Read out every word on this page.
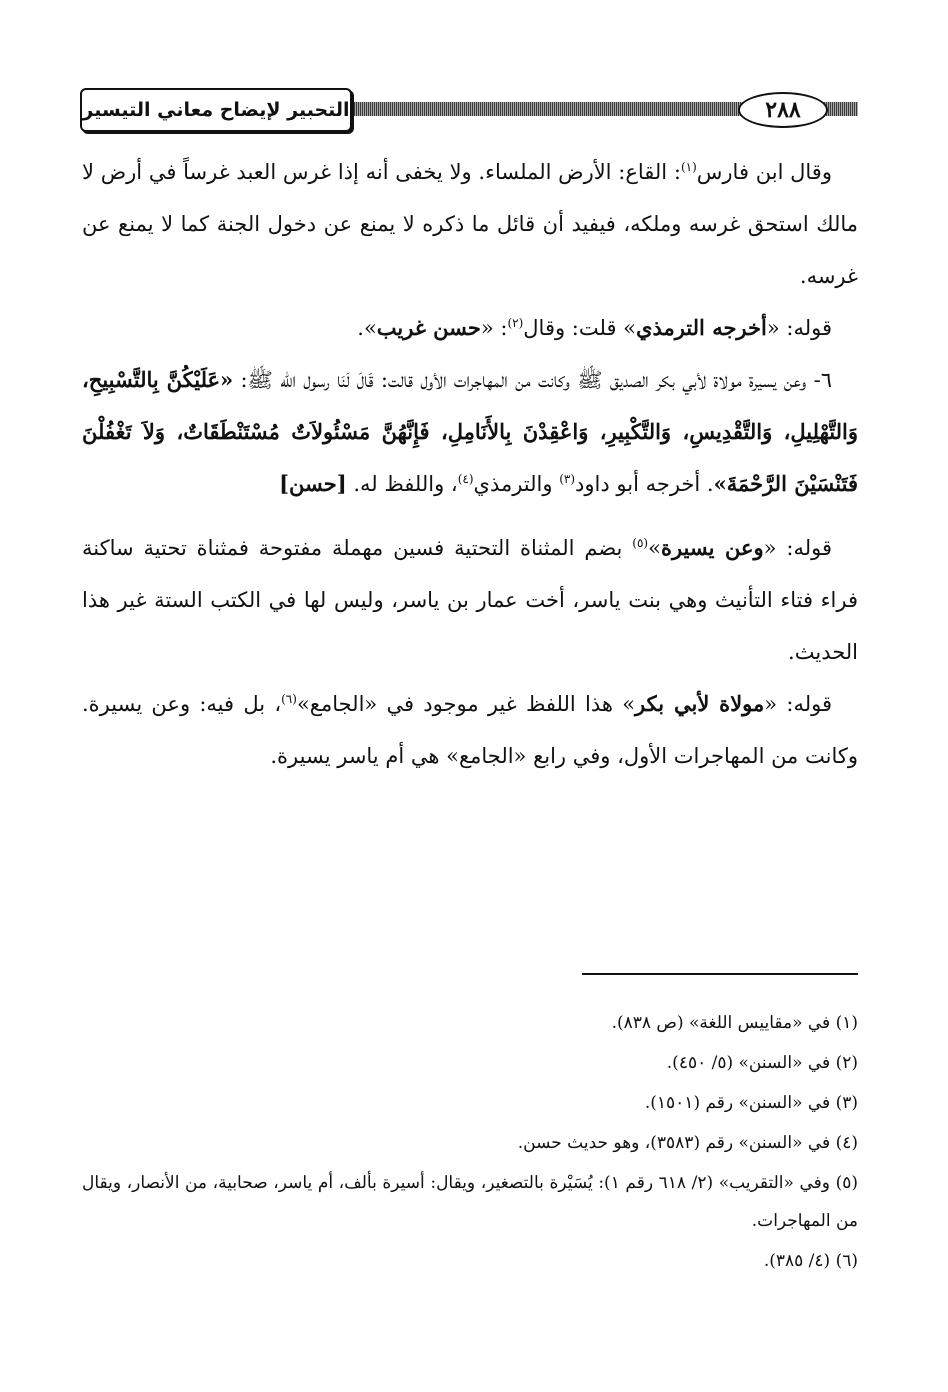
التحبير لإيضاح معاني التيسير	٢٨٨

وقال ابن فارس$^{(١)}$: القاع: الأرض الملساء. ولا يخفى أنه إذا غرس العبد غرساً في أرض لا مالك استحق غرسه وملكه، فيفيد أن قائل ما ذكره لا يمنع عن دخول الجنة كما لا يمنع عن غرسه.

قوله: «أخرجه الترمذي» قلت: وقال$^{(٢)}$: «حسن غريب».

٦- وعن يسيرة مولاة لأبي بكر الصديق ﷺ وكانت من المهاجرات الأول قالت: قَالَ لَنَا رسول الله ﷺ: «عَلَيْكُنَّ بِالتَّسْبِيحِ، وَالتَّهْلِيلِ، وَالتَّقْدِيسِ، وَالتَّكْبِيرِ، وَاعْقِدْنَ بِالأَنَامِلِ، فَإِنَّهُنَّ مَسْئُولاَتٌ مُسْتَنْطَقَاتٌ، وَلاَ تَغْفُلْنَ فَتَنْسَيْنَ الرَّحْمَةَ». أخرجه أبو داود$^{(٣)}$ والترمذي$^{(٤)}$، واللفظ له. [حسن]

قوله: «وعن يسيرة»$^{(٥)}$ بضم المثناة التحتية فسين مهملة مفتوحة فمثناة تحتية ساكنة فراء فتاء التأنيث وهي بنت ياسر، أخت عمار بن ياسر، وليس لها في الكتب الستة غير هذا الحديث.

قوله: «مولاة لأبي بكر» هذا اللفظ غير موجود في «الجامع»$^{(٦)}$، بل فيه: وعن يسيرة. وكانت من المهاجرات الأول، وفي رابع «الجامع» هي أم ياسر يسيرة.

(١) في «مقاييس اللغة» (ص ٨٣٨).

(٢) في «السنن» (٥/ ٤٥٠).

(٣) في «السنن» رقم (١٥٠١).

(٤) في «السنن» رقم (٣٥٨٣)، وهو حديث حسن.

(٥) وفي «التقريب» (٢/ ٦١٨ رقم ١): يُسَيْرة بالتصغير، ويقال: أسيرة بألف، أم ياسر، صحابية، من الأنصار، ويقال من المهاجرات.

(٦) (٤/ ٣٨٥).
